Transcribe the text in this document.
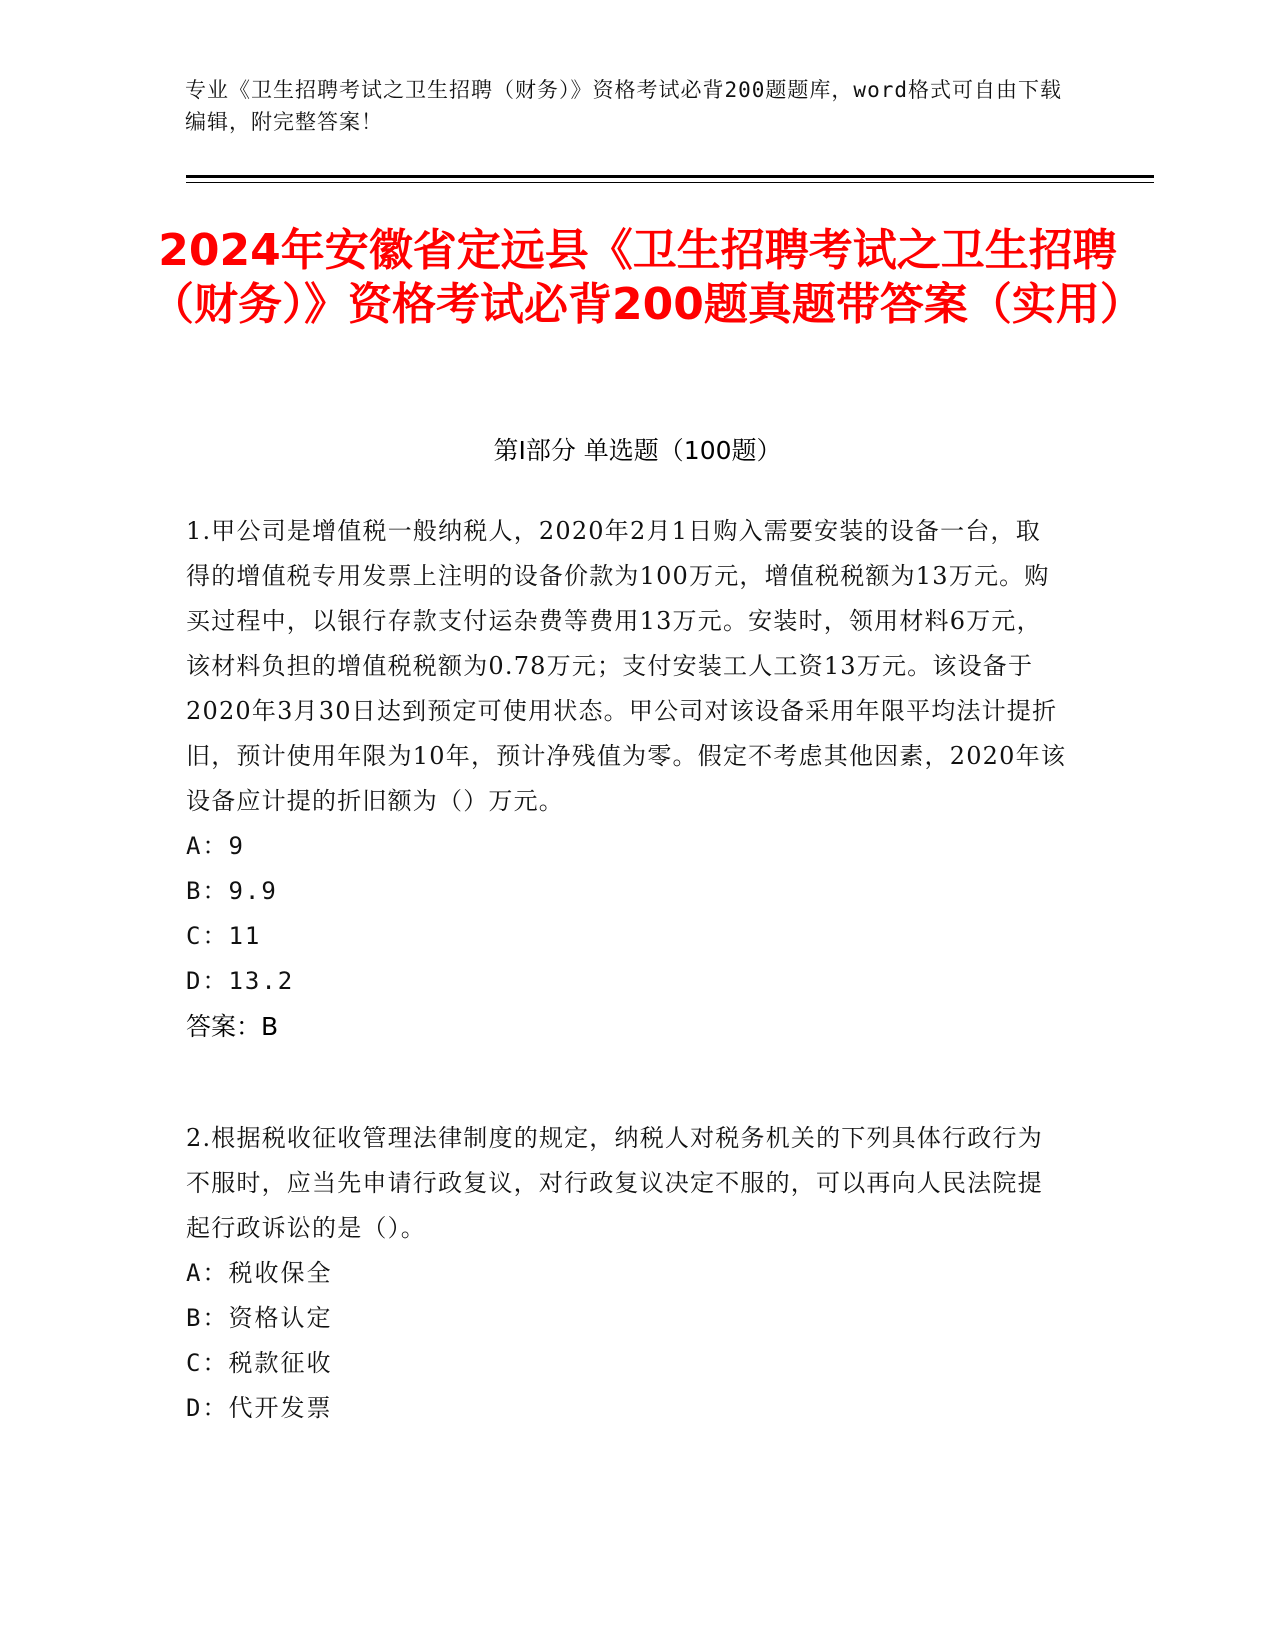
专业《卫生招聘考试之卫生招聘（财务）》资格考试必背200题题库，word格式可自由下载编辑，附完整答案！
2024年安徽省定远县《卫生招聘考试之卫生招聘（财务）》资格考试必背200题真题带答案（实用）
第I部分 单选题（100题）
1.甲公司是增值税一般纳税人，2020年2月1日购入需要安装的设备一台，取得的增值税专用发票上注明的设备价款为100万元，增值税税额为13万元。购买过程中，以银行存款支付运杂费等费用13万元。安装时，领用材料6万元，该材料负担的增值税税额为0.78万元；支付安装工人工资13万元。该设备于2020年3月30日达到预定可使用状态。甲公司对该设备采用年限平均法计提折旧，预计使用年限为10年，预计净残值为零。假定不考虑其他因素，2020年该设备应计提的折旧额为（）万元。
A：9
B：9.9
C：11
D：13.2
答案：B
2.根据税收征收管理法律制度的规定，纳税人对税务机关的下列具体行政行为不服时，应当先申请行政复议，对行政复议决定不服的，可以再向人民法院提起行政诉讼的是（）。
A：税收保全
B：资格认定
C：税款征收
D：代开发票
